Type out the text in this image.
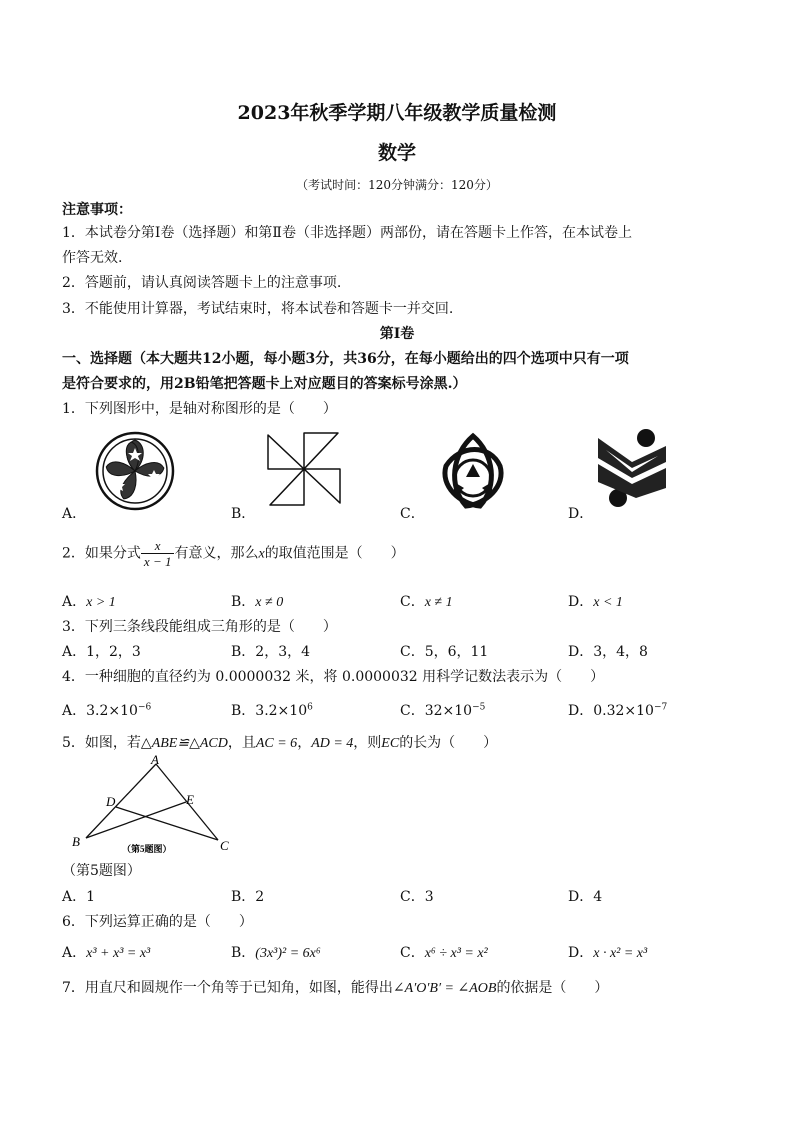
2023年秋季学期八年级教学质量检测
数学
（考试时间：120分钟满分：120分）
注意事项：
1．本试卷分第Ⅰ卷（选择题）和第Ⅱ卷（非选择题）两部份，请在答题卡上作答，在本试卷上
作答无效.
2．答题前，请认真阅读答题卡上的注意事项.
3．不能使用计算器，考试结束时，将本试卷和答题卡一并交回.
第Ⅰ卷
一、选择题（本大题共12小题，每小题3分，共36分，在每小题给出的四个选项中只有一项
是符合要求的，用2B铅笔把答题卡上对应题目的答案标号涂黑.）
1．下列图形中，是轴对称图形的是（　　）
A．	B．	C．	D．
2．如果分式 $\frac{x}{x - 1}$ 有意义，那么x的取值范围是（　　）
A．x > 1	B．x ≠ 0	C．x ≠ 1	D．x < 1
3．下列三条线段能组成三角形的是（　　）
A．1，2，3	B．2，3，4	C．5，6，11	D．3，4，8
4．一种细胞的直径约为 0.0000032 米，将 0.0000032 用科学记数法表示为（　　）
A．$3.2\times 10^{-6}$	B．$3.2\times 10^6$	C．$32\times 10^{-5}$	D．$0.32\times 10^{-7}$
5．如图，若△ABE≌△ACD，且AC = 6，AD = 4，则EC的长为（　　）
A
D	E
B	C
（第5题图）
（第5题图）
A．1	B．2	C．3	D．4
6．下列运算正确的是（　　）
A．x³ + x³ = x³	B．(3x³)² = 6x⁶	C．x⁶ ÷ x³ = x²	D．x · x² = x³
7．用直尺和圆规作一个角等于已知角，如图，能得出∠A′O′B′ = ∠AOB的依据是（　　）
